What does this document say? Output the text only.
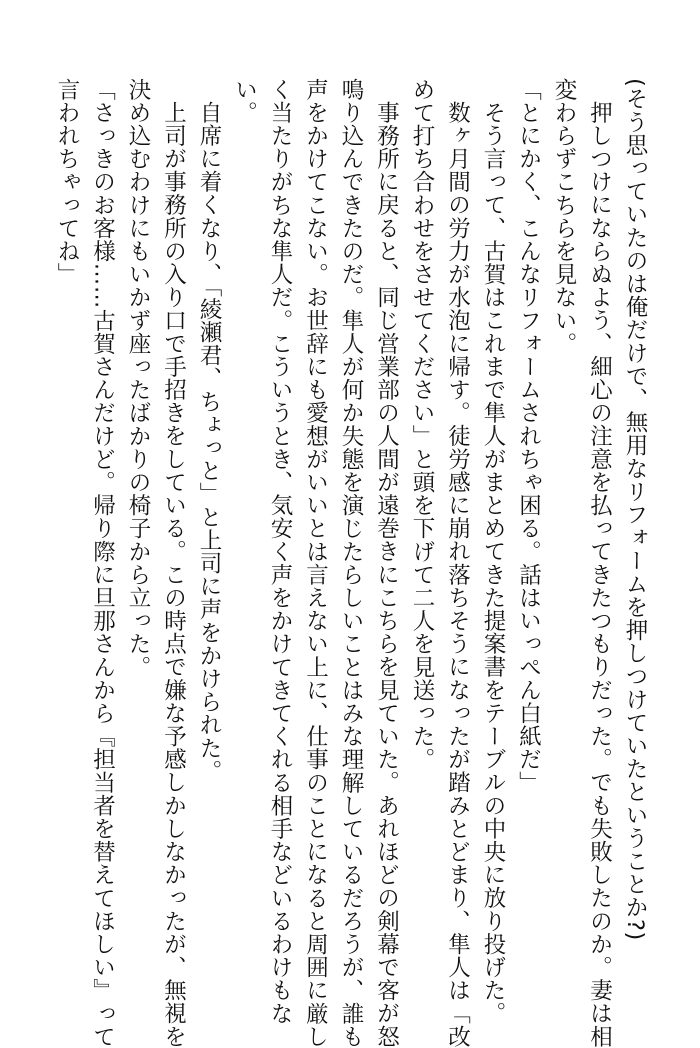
(そう思っていたのは俺だけで、無用なリフォームを押しつけていたということか?)
押しつけにならぬよう、細心の注意を払ってきたつもりだった。でも失敗したのか。妻は相
変わらずこちらを見ない。
「とにかく、こんなリフォームされちゃ困る。話はいっぺん白紙だ」
そう言って、古賀はこれまで隼人がまとめてきた提案書をテーブルの中央に放り投げた。
数ヶ月間の労力が水泡に帰す。徒労感に崩れ落ちそうになったが踏みとどまり、隼人は「改
めて打ち合わせをさせてください」と頭を下げて二人を見送った。
事務所に戻ると、同じ営業部の人間が遠巻きにこちらを見ていた。あれほどの剣幕で客が怒
鳴り込んできたのだ。隼人が何か失態を演じたらしいことはみな理解しているだろうが、誰も
声をかけてこない。お世辞にも愛想がいいとは言えない上に、仕事のことになると周囲に厳し
く当たりがちな隼人だ。こういうとき、気安く声をかけてきてくれる相手などいるわけもな
い。
自席に着くなり、「綾瀬君、ちょっと」と上司に声をかけられた。
上司が事務所の入り口で手招きをしている。この時点で嫌な予感しかしなかったが、無視を
決め込むわけにもいかず座ったばかりの椅子から立った。
「さっきのお客様……古賀さんだけど。帰り際に旦那さんから『担当者を替えてほしい』って
言われちゃってね」
